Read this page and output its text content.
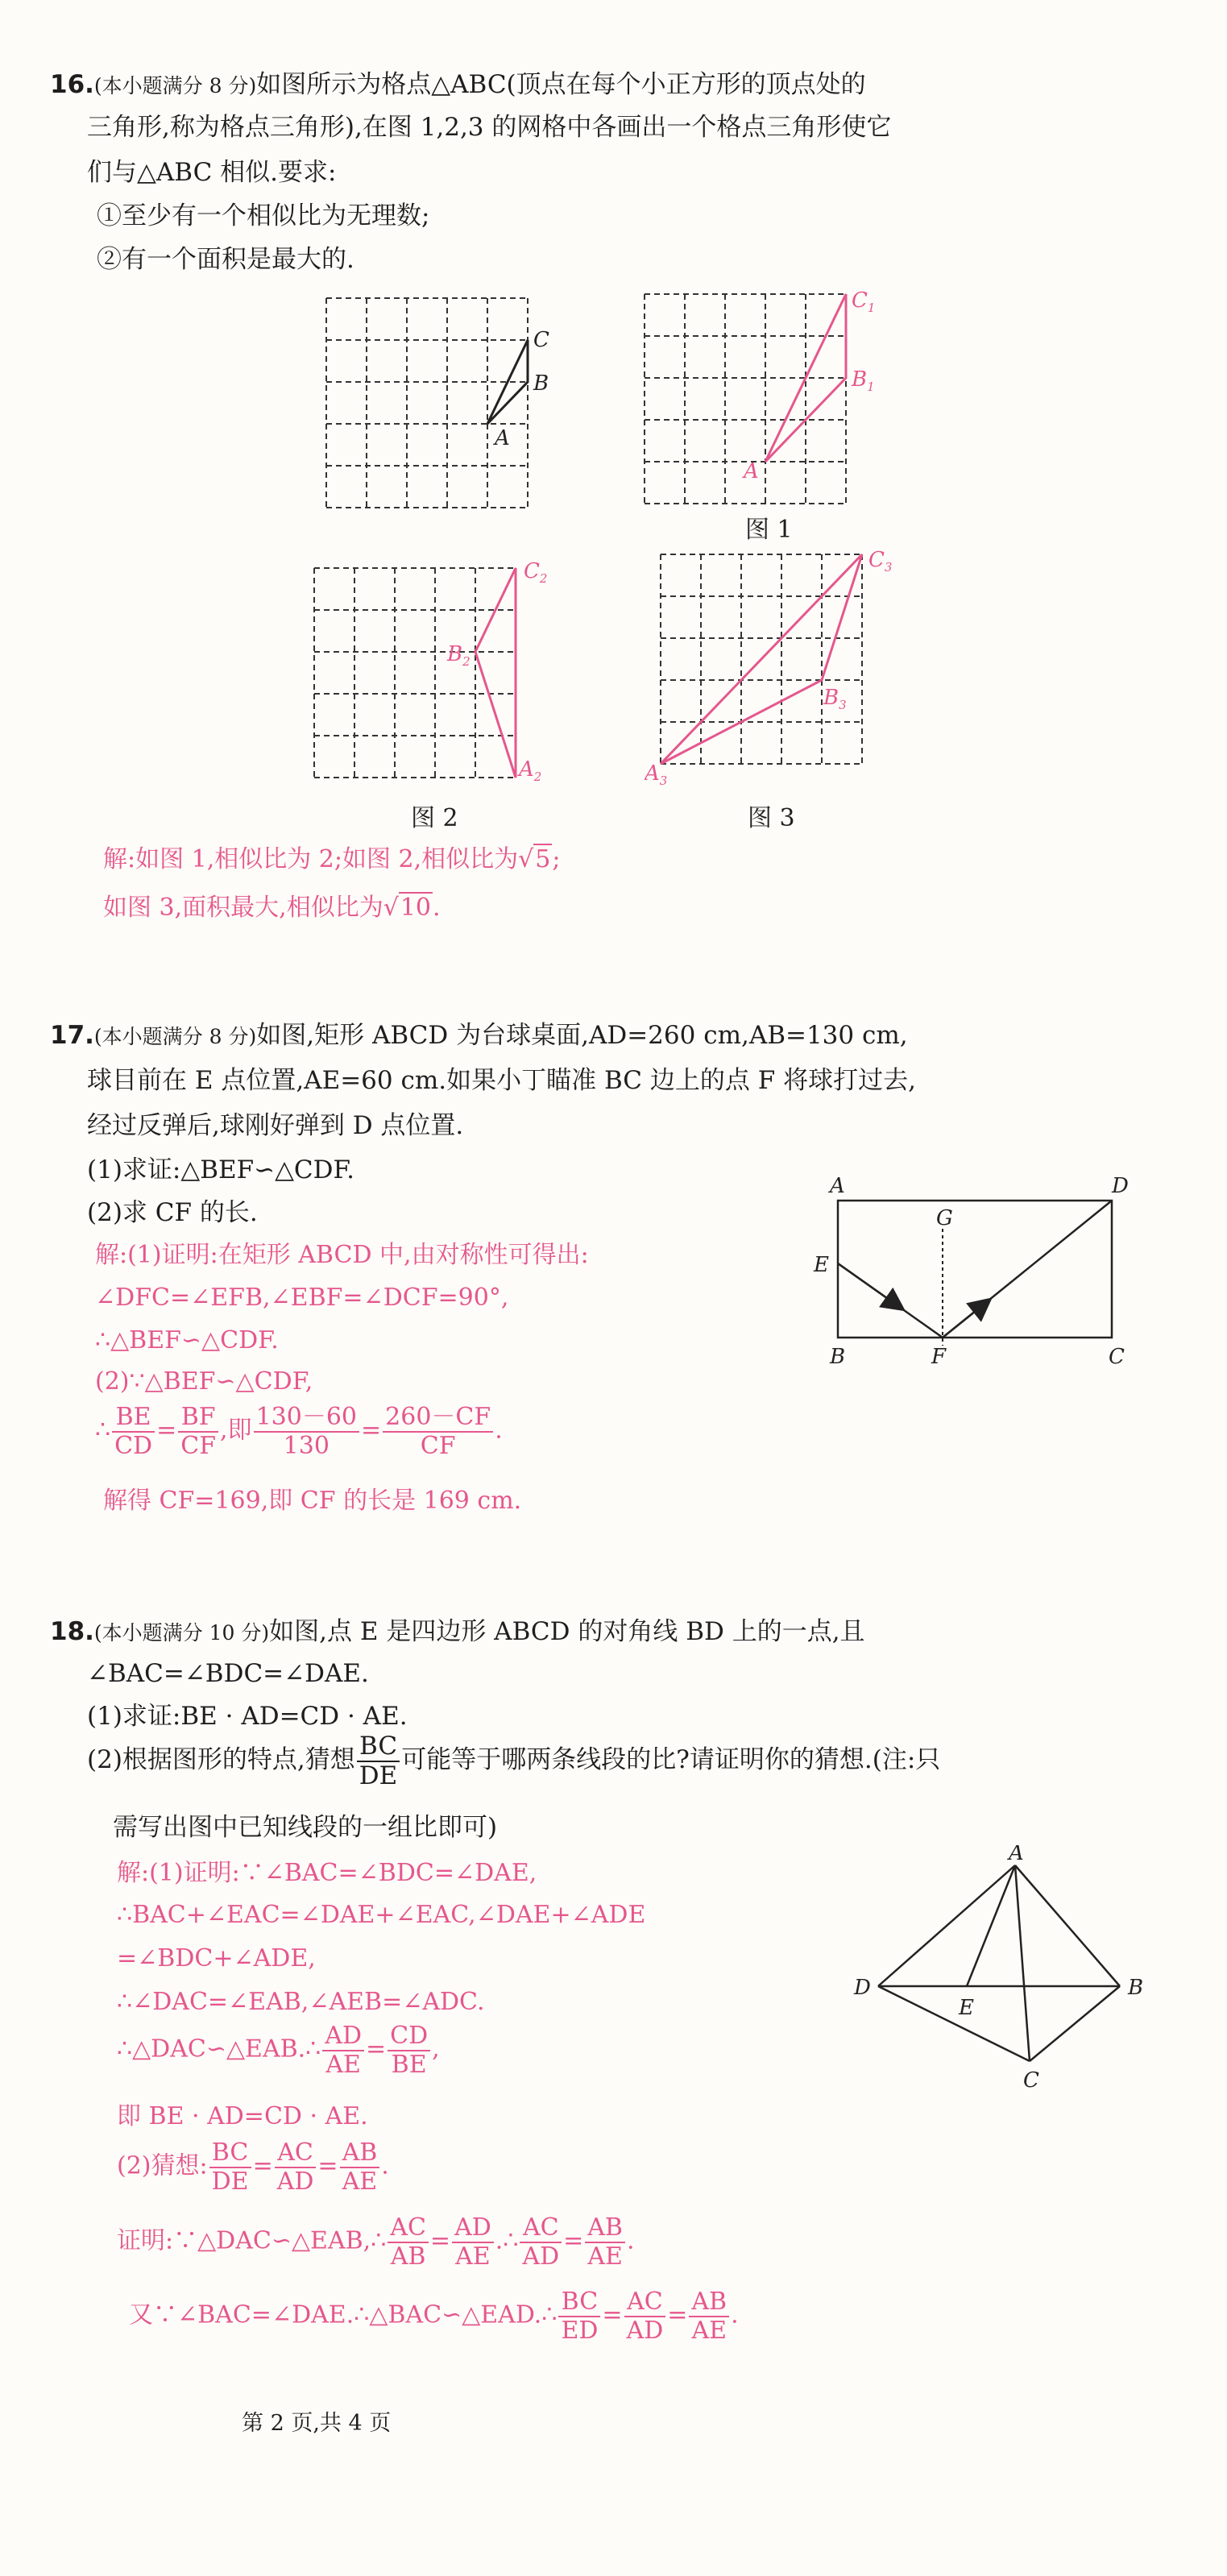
16.(本小题满分 8 分)如图所示为格点△ABC(顶点在每个小正方形的顶点处的
三角形,称为格点三角形),在图 1,2,3 的网格中各画出一个格点三角形使它
们与△ABC 相似.要求:
①至少有一个相似比为无理数;
②有一个面积是最大的.
C
B
A
$C_1$
$B_1$
A
图 1
$C_2$
$B_2$
$A_2$
图 2
$C_3$
$B_3$
$A_3$
图 3
解:如图 1,相似比为 2;如图 2,相似比为√5;
如图 3,面积最大,相似比为√10.
17.(本小题满分 8 分)如图,矩形 ABCD 为台球桌面,AD=260 cm,AB=130 cm,
球目前在 E 点位置,AE=60 cm.如果小丁瞄准 BC 边上的点 F 将球打过去,
经过反弹后,球刚好弹到 D 点位置.
(1)求证:△BEF∽△CDF.
(2)求 CF 的长.
解:(1)证明:在矩形 ABCD 中,由对称性可得出:
∠DFC=∠EFB,∠EBF=∠DCF=90°,
∴△BEF∽△CDF.
(2)∵△BEF∽△CDF,
∴ $\frac{BE}{CD} = \frac{BF}{CF}$ ,即 $\frac{130-60}{130} = \frac{260-CF}{CF}$ .
解得 CF=169,即 CF 的长是 169 cm.
A	D
E
G
B	F	C
18.(本小题满分 10 分)如图,点 E 是四边形 ABCD 的对角线 BD 上的一点,且
∠BAC=∠BDC=∠DAE.
(1)求证:BE · AD=CD · AE.
(2)根据图形的特点,猜想 $\frac{BC}{DE}$ 可能等于哪两条线段的比?请证明你的猜想.(注:只
需写出图中已知线段的一组比即可)
解:(1)证明:∵∠BAC=∠BDC=∠DAE,
∴BAC+∠EAC=∠DAE+∠EAC,∠DAE+∠ADE
=∠BDC+∠ADE,
∴∠DAC=∠EAB,∠AEB=∠ADC.
∴△DAC∽△EAB.∴ $\frac{AD}{AE} = \frac{CD}{BE}$ ,
即 BE · AD=CD · AE.
(2)猜想: $\frac{BC}{DE} = \frac{AC}{AD} = \frac{AB}{AE}$ .
证明:∵△DAC∽△EAB,∴ $\frac{AC}{AB} = \frac{AD}{AE}$ .∴ $\frac{AC}{AD} = \frac{AB}{AE}$ .
又∵∠BAC=∠DAE.∴△BAC∽△EAD.∴ $\frac{BC}{ED} = \frac{AC}{AD} = \frac{AB}{AE}$ .
A
D
E
B
C
第 2 页,共 4 页
